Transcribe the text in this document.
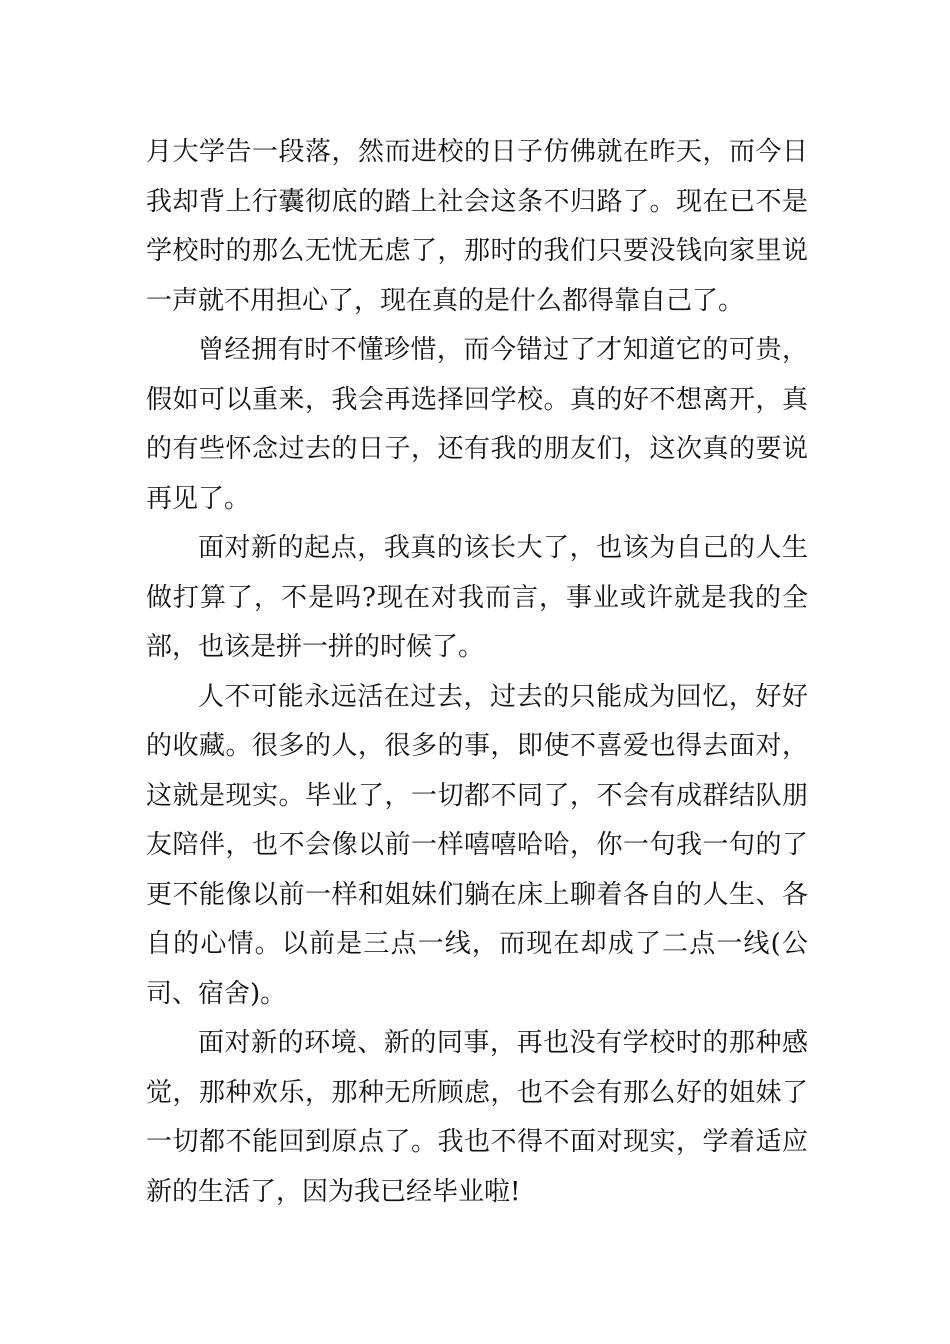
月大学告一段落，然而进校的日子仿佛就在昨天，而今日我却背上行囊彻底的踏上社会这条不归路了。现在已不是学校时的那么无忧无虑了，那时的我们只要没钱向家里说一声就不用担心了，现在真的是什么都得靠自己了。

曾经拥有时不懂珍惜，而今错过了才知道它的可贵，假如可以重来，我会再选择回学校。真的好不想离开，真的有些怀念过去的日子，还有我的朋友们，这次真的要说再见了。

面对新的起点，我真的该长大了，也该为自己的人生做打算了，不是吗?现在对我而言，事业或许就是我的全部，也该是拼一拼的时候了。

人不可能永远活在过去，过去的只能成为回忆，好好的收藏。很多的人，很多的事，即使不喜爱也得去面对，这就是现实。毕业了，一切都不同了，不会有成群结队朋友陪伴，也不会像以前一样嘻嘻哈哈，你一句我一句的了更不能像以前一样和姐妹们躺在床上聊着各自的人生、各自的心情。以前是三点一线，而现在却成了二点一线(公司、宿舍)。

面对新的环境、新的同事，再也没有学校时的那种感觉，那种欢乐，那种无所顾虑，也不会有那么好的姐妹了一切都不能回到原点了。我也不得不面对现实，学着适应新的生活了，因为我已经毕业啦!
